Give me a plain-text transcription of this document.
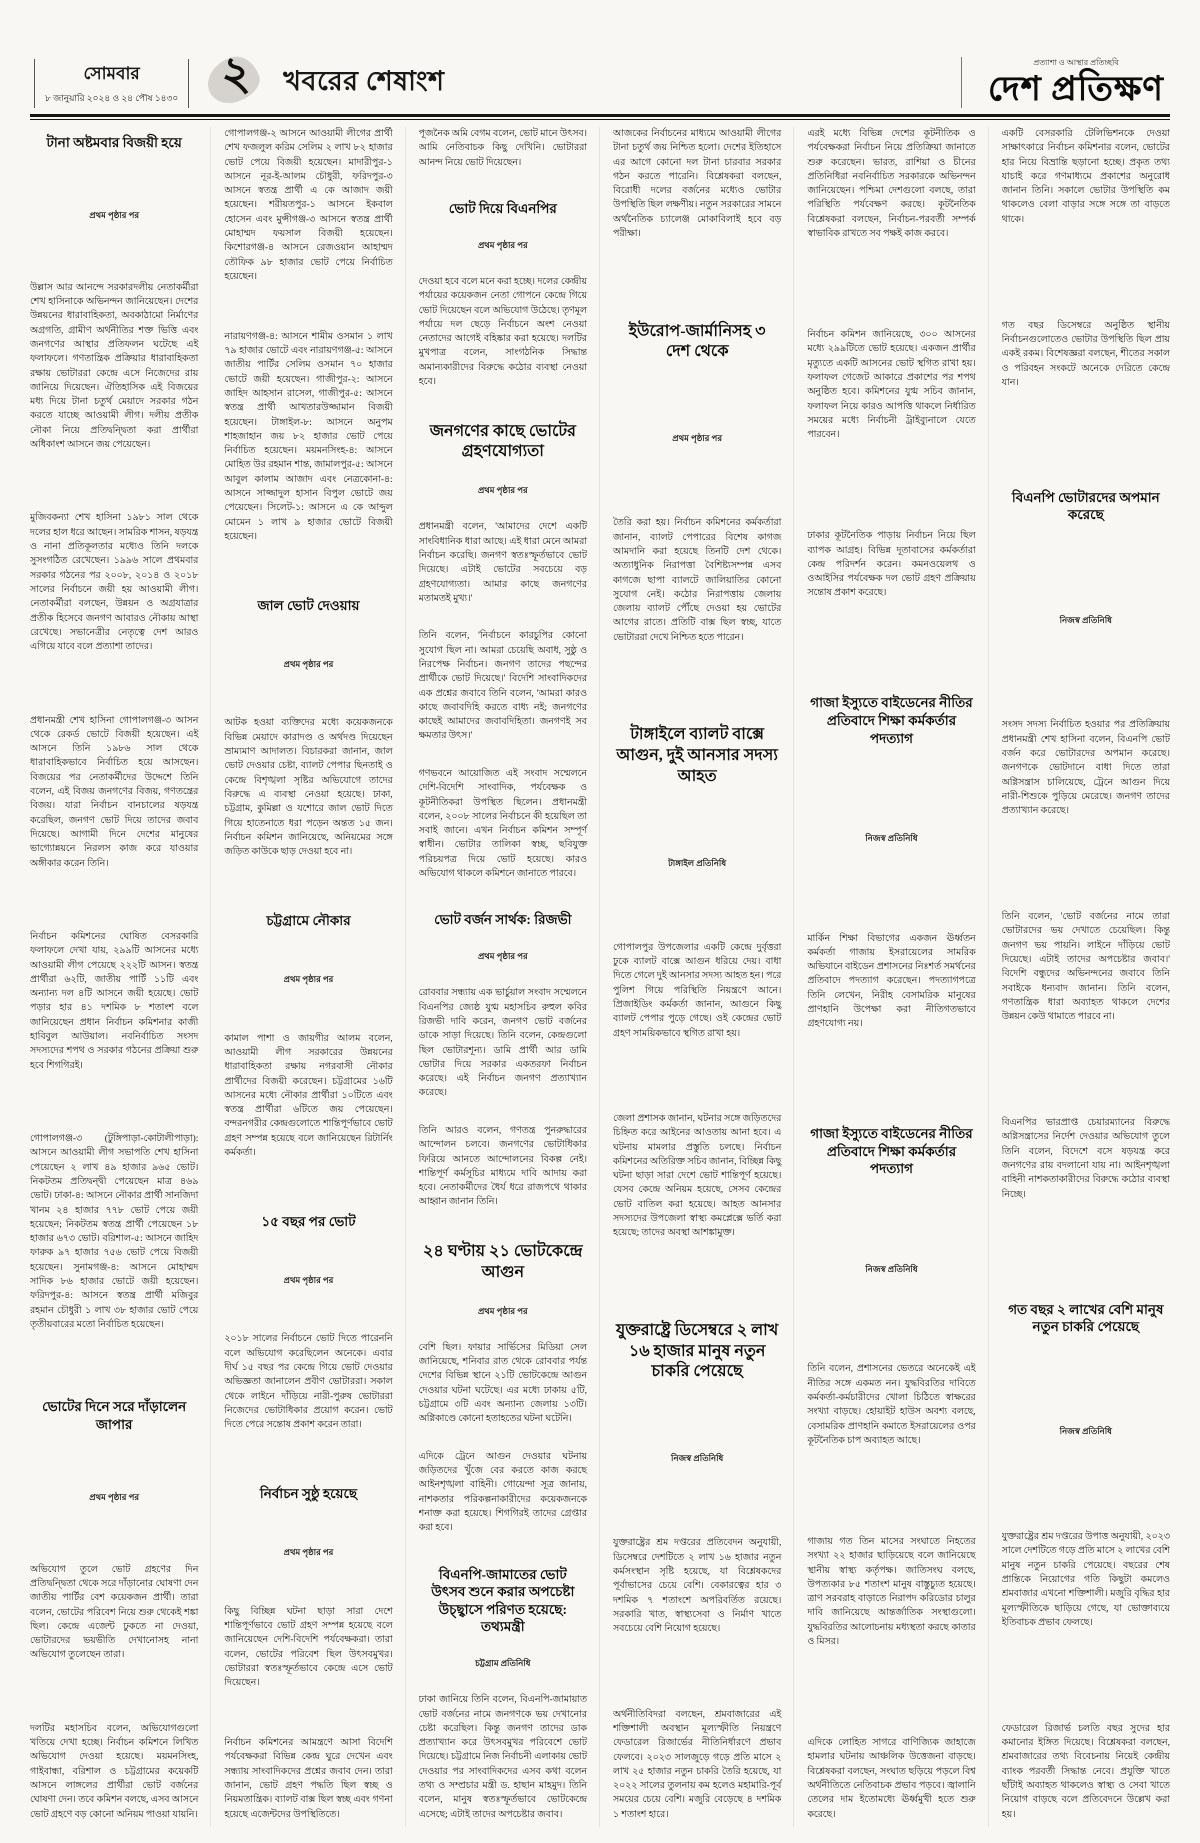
সোমবার
৮ জানুয়ারি ২০২৪ ও ২৪ পৌষ ১৪৩০ ২	খবরের শেষাংশ
প্রত্যাশা ও আস্থার প্রতিচ্ছবি
দেশ প্রতিক্ষণ
টানা অষ্টমবার বিজয়ী হয়ে
প্রথম পৃষ্ঠার পর

উল্লাস আর আনন্দে সরকারদলীয় নেতাকর্মীরা শেখ হাসিনাকে অভিনন্দন জানিয়েছেন। দেশের উন্নয়নের ধারাবাহিকতা, অবকাঠামো নির্মাণের অগ্রগতি, গ্রামীণ অর্থনীতির শক্ত ভিত্তি এবং জনগণের আস্থার প্রতিফলন ঘটেছে এই ফলাফলে। গণতান্ত্রিক প্রক্রিয়ার ধারাবাহিকতা রক্ষায় ভোটাররা কেন্দ্রে এসে নিজেদের রায় জানিয়ে দিয়েছেন। ঐতিহাসিক এই বিজয়ের মধ্য দিয়ে টানা চতুর্থ মেয়াদে সরকার গঠন করতে যাচ্ছে আওয়ামী লীগ। দলীয় প্রতীক নৌকা নিয়ে প্রতিদ্বন্দ্বিতা করা প্রার্থীরা অধিকাংশ আসনে জয় পেয়েছেন।

মুজিবকন্যা শেখ হাসিনা ১৯৮১ সাল থেকে দলের হাল ধরে আছেন। সামরিক শাসন, ষড়যন্ত্র ও নানা প্রতিকূলতার মধ্যেও তিনি দলকে সুসংগঠিত রেখেছেন। ১৯৯৬ সালে প্রথমবার সরকার গঠনের পর ২০০৮, ২০১৪ ও ২০১৮ সালের নির্বাচনে জয়ী হয় আওয়ামী লীগ। নেতাকর্মীরা বলছেন, উন্নয়ন ও অগ্রযাত্রার প্রতীক হিসেবে জনগণ আবারও নৌকায় আস্থা রেখেছে। সভানেত্রীর নেতৃত্বে দেশ আরও এগিয়ে যাবে বলে প্রত্যাশা তাদের।

প্রধানমন্ত্রী শেখ হাসিনা গোপালগঞ্জ-৩ আসন থেকে রেকর্ড ভোটে বিজয়ী হয়েছেন। এই আসনে তিনি ১৯৮৬ সাল থেকে ধারাবাহিকভাবে নির্বাচিত হয়ে আসছেন। বিজয়ের পর নেতাকর্মীদের উদ্দেশে তিনি বলেন, এই বিজয় জনগণের বিজয়, গণতন্ত্রের বিজয়। যারা নির্বাচন বানচালের ষড়যন্ত্র করেছিল, জনগণ ভোট দিয়ে তাদের জবাব দিয়েছে। আগামী দিনে দেশের মানুষের ভাগ্যোন্নয়নে নিরলস কাজ করে যাওয়ার অঙ্গীকার করেন তিনি।

নির্বাচন কমিশনের ঘোষিত বেসরকারি ফলাফলে দেখা যায়, ২৯৯টি আসনের মধ্যে আওয়ামী লীগ পেয়েছে ২২২টি আসন। স্বতন্ত্র প্রার্থীরা ৬২টি, জাতীয় পার্টি ১১টি এবং অন্যান্য দল ৪টি আসনে জয়ী হয়েছে। ভোট পড়ার হার ৪১ দশমিক ৮ শতাংশ বলে জানিয়েছেন প্রধান নির্বাচন কমিশনার কাজী হাবিবুল আউয়াল। নবনির্বাচিত সংসদ সদস্যদের শপথ ও সরকার গঠনের প্রক্রিয়া শুরু হবে শিগগিরই।

গোপালগঞ্জ-৩ (টুঙ্গিপাড়া-কোটালীপাড়া): আসনে আওয়ামী লীগ সভাপতি শেখ হাসিনা পেয়েছেন ২ লাখ ৪৯ হাজার ৯৬৫ ভোট। নিকটতম প্রতিদ্বন্দ্বী পেয়েছেন মাত্র ৪৬৯ ভোট। ঢাকা-৪: আসনে নৌকার প্রার্থী সানজিদা খানম ২৪ হাজার ৭৭৮ ভোট পেয়ে জয়ী হয়েছেন; নিকটতম স্বতন্ত্র প্রার্থী পেয়েছেন ১৮ হাজার ৬৭৩ ভোট। বরিশাল-৫: আসনে জাহিদ ফারুক ৯৭ হাজার ৭৫৬ ভোট পেয়ে বিজয়ী হয়েছেন। সুনামগঞ্জ-৪: আসনে মোহাম্মদ সাদিক ৮৬ হাজার ভোটে জয়ী হয়েছেন। ফরিদপুর-৪: আসনে স্বতন্ত্র প্রার্থী মজিবুর রহমান চৌধুরী ১ লাখ ৩৮ হাজার ভোট পেয়ে তৃতীয়বারের মতো নির্বাচিত হয়েছেন।

ভোটের দিনে সরে দাঁড়ালেন জাপার
প্রথম পৃষ্ঠার পর

অভিযোগ তুলে ভোট গ্রহণের দিন প্রতিদ্বন্দ্বিতা থেকে সরে দাঁড়ানোর ঘোষণা দেন জাতীয় পার্টির বেশ কয়েকজন প্রার্থী। তারা বলেন, ভোটের পরিবেশ নিয়ে শুরু থেকেই শঙ্কা ছিল। কেন্দ্রে এজেন্ট ঢুকতে না দেওয়া, ভোটারদের ভয়ভীতি দেখানোসহ নানা অভিযোগ তুলেছেন তারা।

দলটির মহাসচিব বলেন, অভিযোগগুলো খতিয়ে দেখা হচ্ছে। নির্বাচন কমিশনে লিখিত অভিযোগ দেওয়া হয়েছে। ময়মনসিংহ, গাইবান্ধা, বরিশাল ও চট্টগ্রামের কয়েকটি আসনে লাঙ্গলের প্রার্থীরা ভোট বর্জনের ঘোষণা দেন। তবে কমিশন বলছে, এসব আসনে ভোট গ্রহণে বড় কোনো অনিয়ম পাওয়া যায়নি।

গোপালগঞ্জ-২ আসনে আওয়ামী লীগের প্রার্থী শেখ ফজলুল করিম সেলিম ২ লাখ ৮২ হাজার ভোট পেয়ে বিজয়ী হয়েছেন। মাদারীপুর-১ আসনে নূর-ই-আলম চৌধুরী, ফরিদপুর-৩ আসনে স্বতন্ত্র প্রার্থী এ কে আজাদ জয়ী হয়েছেন। শরীয়তপুর-১ আসনে ইকবাল হোসেন এবং মুন্সীগঞ্জ-৩ আসনে স্বতন্ত্র প্রার্থী মোহাম্মদ ফয়সাল বিজয়ী হয়েছেন। কিশোরগঞ্জ-৪ আসনে রেজওয়ান আহাম্মদ তৌফিক ৯৮ হাজার ভোট পেয়ে নির্বাচিত হয়েছেন।

নারায়ণগঞ্জ-৪: আসনে শামীম ওসমান ১ লাখ ৭৯ হাজার ভোটে এবং নারায়ণগঞ্জ-৫: আসনে জাতীয় পার্টির সেলিম ওসমান ৭০ হাজার ভোটে জয়ী হয়েছেন। গাজীপুর-২: আসনে জাহিদ আহসান রাসেল, গাজীপুর-৫: আসনে স্বতন্ত্র প্রার্থী আখতারউজ্জামান বিজয়ী হয়েছেন। টাঙ্গাইল-৮: আসনে অনুপম শাহজাহান জয় ৮২ হাজার ভোট পেয়ে নির্বাচিত হয়েছেন। ময়মনসিংহ-৪: আসনে মোহিত উর রহমান শান্ত, জামালপুর-৫: আসনে আবুল কালাম আজাদ এবং নেত্রকোনা-৪: আসনে সাজ্জাদুল হাসান বিপুল ভোটে জয় পেয়েছেন। সিলেট-১: আসনে এ কে আব্দুল মোমেন ১ লাখ ৯ হাজার ভোটে বিজয়ী হয়েছেন।

জাল ভোট দেওয়ায়
প্রথম পৃষ্ঠার পর

আটক হওয়া ব্যক্তিদের মধ্যে কয়েকজনকে বিভিন্ন মেয়াদে কারাদণ্ড ও অর্থদণ্ড দিয়েছেন ভ্রাম্যমাণ আদালত। বিচারকরা জানান, জাল ভোট দেওয়ার চেষ্টা, ব্যালট পেপার ছিনতাই ও কেন্দ্রে বিশৃঙ্খলা সৃষ্টির অভিযোগে তাদের বিরুদ্ধে এ ব্যবস্থা নেওয়া হয়েছে। ঢাকা, চট্টগ্রাম, কুমিল্লা ও যশোরে জাল ভোট দিতে গিয়ে হাতেনাতে ধরা পড়েন অন্তত ১৫ জন। নির্বাচন কমিশন জানিয়েছে, অনিয়মের সঙ্গে জড়িত কাউকে ছাড় দেওয়া হবে না।

চট্টগ্রামে নৌকার
প্রথম পৃষ্ঠার পর

কামাল পাশা ও জায়গীর আলম বলেন, আওয়ামী লীগ সরকারের উন্নয়নের ধারাবাহিকতা রক্ষায় নগরবাসী নৌকার প্রার্থীদের বিজয়ী করেছেন। চট্টগ্রামের ১৬টি আসনের মধ্যে নৌকার প্রার্থীরা ১০টিতে এবং স্বতন্ত্র প্রার্থীরা ৬টিতে জয় পেয়েছেন। বন্দরনগরীর কেন্দ্রগুলোতে শান্তিপূর্ণভাবে ভোট গ্রহণ সম্পন্ন হয়েছে বলে জানিয়েছেন রিটার্নিং কর্মকর্তা।

১৫ বছর পর ভোট
প্রথম পৃষ্ঠার পর

২০১৮ সালের নির্বাচনে ভোট দিতে পারেননি বলে অভিযোগ করেছিলেন অনেকে। এবার দীর্ঘ ১৫ বছর পর কেন্দ্রে গিয়ে ভোট দেওয়ার অভিজ্ঞতা জানালেন প্রবীণ ভোটাররা। সকাল থেকে লাইনে দাঁড়িয়ে নারী-পুরুষ ভোটাররা নিজেদের ভোটাধিকার প্রয়োগ করেন। ভোট দিতে পেরে সন্তোষ প্রকাশ করেন তারা।

নির্বাচন সুষ্ঠু হয়েছে
প্রথম পৃষ্ঠার পর

কিছু বিচ্ছিন্ন ঘটনা ছাড়া সারা দেশে শান্তিপূর্ণভাবে ভোট গ্রহণ সম্পন্ন হয়েছে বলে জানিয়েছেন দেশি-বিদেশি পর্যবেক্ষকরা। তারা বলেন, ভোটের পরিবেশ ছিল উৎসবমুখর। ভোটাররা স্বতঃস্ফূর্তভাবে কেন্দ্রে এসে ভোট দিয়েছেন।

নির্বাচন কমিশনের আমন্ত্রণে আসা বিদেশি পর্যবেক্ষকরা বিভিন্ন কেন্দ্র ঘুরে দেখেন এবং সন্ধ্যায় সাংবাদিকদের প্রশ্নের জবাব দেন। তারা জানান, ভোট গ্রহণ পদ্ধতি ছিল স্বচ্ছ ও নিয়মতান্ত্রিক। ব্যালট বাক্স ছিল স্বচ্ছ এবং গণনা হয়েছে এজেন্টদের উপস্থিতিতে।

পূজনৈক অমি বেগম বলেন, ভোট মানে উৎসব। আমি নেতিবাচক কিছু দেখিনি। ভোটাররা আনন্দ নিয়ে ভোট দিয়েছেন।

ভোট দিয়ে বিএনপির
প্রথম পৃষ্ঠার পর

দেওয়া হবে বলে মনে করা হচ্ছে। দলের কেন্দ্রীয় পর্যায়ের কয়েকজন নেতা গোপনে কেন্দ্রে গিয়ে ভোট দিয়েছেন বলে অভিযোগ উঠেছে। তৃণমূল পর্যায়ে দল ছেড়ে নির্বাচনে অংশ নেওয়া নেতাদের আগেই বহিষ্কার করা হয়েছে। দলটির মুখপাত্র বলেন, সাংগঠনিক সিদ্ধান্ত অমান্যকারীদের বিরুদ্ধে কঠোর ব্যবস্থা নেওয়া হবে।

জনগণের কাছে ভোটের গ্রহণযোগ্যতা
প্রথম পৃষ্ঠার পর

প্রধানমন্ত্রী বলেন, 'আমাদের দেশে একটি সাংবিধানিক ধারা আছে। এই ধারা মেনে আমরা নির্বাচন করেছি। জনগণ স্বতঃস্ফূর্তভাবে ভোট দিয়েছে। এটাই ভোটের সবচেয়ে বড় গ্রহণযোগ্যতা। আমার কাছে জনগণের মতামতই মুখ্য।'

তিনি বলেন, 'নির্বাচনে কারচুপির কোনো সুযোগ ছিল না। আমরা চেয়েছি অবাধ, সুষ্ঠু ও নিরপেক্ষ নির্বাচন। জনগণ তাদের পছন্দের প্রার্থীকে ভোট দিয়েছে।' বিদেশি সাংবাদিকদের এক প্রশ্নের জবাবে তিনি বলেন, 'আমরা কারও কাছে জবাবদিহি করতে বাধ্য নই; জনগণের কাছেই আমাদের জবাবদিহিতা। জনগণই সব ক্ষমতার উৎস।'

গণভবনে আয়োজিত এই সংবাদ সম্মেলনে দেশি-বিদেশি সাংবাদিক, পর্যবেক্ষক ও কূটনীতিকরা উপস্থিত ছিলেন। প্রধানমন্ত্রী বলেন, ২০০৮ সালের নির্বাচনে কী হয়েছিল তা সবাই জানে। এখন নির্বাচন কমিশন সম্পূর্ণ স্বাধীন। ভোটার তালিকা স্বচ্ছ, ছবিযুক্ত পরিচয়পত্র দিয়ে ভোট হয়েছে। কারও অভিযোগ থাকলে কমিশনে জানাতে পারবে।

ভোট বর্জন সার্থক: রিজভী
প্রথম পৃষ্ঠার পর

রোববার সন্ধ্যায় এক ভার্চুয়াল সংবাদ সম্মেলনে বিএনপির জ্যেষ্ঠ যুগ্ম মহাসচিব রুহুল কবির রিজভী দাবি করেন, জনগণ ভোট বর্জনের ডাকে সাড়া দিয়েছে। তিনি বলেন, কেন্দ্রগুলো ছিল ভোটারশূন্য। ডামি প্রার্থী আর ডামি ভোটার দিয়ে সরকার একতরফা নির্বাচন করেছে। এই নির্বাচন জনগণ প্রত্যাখ্যান করেছে।

তিনি আরও বলেন, গণতন্ত্র পুনরুদ্ধারের আন্দোলন চলবে। জনগণের ভোটাধিকার ফিরিয়ে আনতে আন্দোলনের বিকল্প নেই। শান্তিপূর্ণ কর্মসূচির মাধ্যমে দাবি আদায় করা হবে। নেতাকর্মীদের ধৈর্য ধরে রাজপথে থাকার আহ্বান জানান তিনি।

২৪ ঘণ্টায় ২১ ভোটকেন্দ্রে আগুন
প্রথম পৃষ্ঠার পর

বেশি ছিল। ফায়ার সার্ভিসের মিডিয়া সেল জানিয়েছে, শনিবার রাত থেকে রোববার পর্যন্ত দেশের বিভিন্ন স্থানে ২১টি ভোটকেন্দ্রে আগুন দেওয়ার ঘটনা ঘটেছে। এর মধ্যে ঢাকায় ৫টি, চট্টগ্রামে ৩টি এবং অন্যান্য জেলায় ১৩টি। অগ্নিকাণ্ডে কোনো হতাহতের ঘটনা ঘটেনি।

এদিকে ট্রেনে আগুন দেওয়ার ঘটনায় জড়িতদের খুঁজে বের করতে কাজ করছে আইনশৃঙ্খলা বাহিনী। গোয়েন্দা সূত্র জানায়, নাশকতার পরিকল্পনাকারীদের কয়েকজনকে শনাক্ত করা হয়েছে। শিগগিরই তাদের গ্রেপ্তার করা হবে।

বিএনপি-জামাতের ভোট উৎসব শুনে করার অপচেষ্টা উচ্ছ্বাসে পরিণত হয়েছে: তথ্যমন্ত্রী
চট্টগ্রাম প্রতিনিধি

ঢাকা জানিয়ে তিনি বলেন, বিএনপি-জামায়াত ভোট বর্জনের নামে জনগণকে ভয় দেখানোর চেষ্টা করেছিল। কিন্তু জনগণ তাদের ডাক প্রত্যাখ্যান করে উৎসবমুখর পরিবেশে ভোট দিয়েছে। চট্টগ্রামে নিজ নির্বাচনী এলাকায় ভোট দেওয়ার পর সাংবাদিকদের এসব কথা বলেন তথ্য ও সম্প্রচার মন্ত্রী ড. হাছান মাহমুদ। তিনি বলেন, মানুষ স্বতঃস্ফূর্তভাবে ভোটকেন্দ্রে এসেছে; এটাই তাদের অপচেষ্টার জবাব।

আজকের নির্বাচনের মাধ্যমে আওয়ামী লীগের টানা চতুর্থ জয় নিশ্চিত হলো। দেশের ইতিহাসে এর আগে কোনো দল টানা চারবার সরকার গঠন করতে পারেনি। বিশ্লেষকরা বলছেন, বিরোধী দলের বর্জনের মধ্যেও ভোটার উপস্থিতি ছিল লক্ষণীয়। নতুন সরকারের সামনে অর্থনৈতিক চ্যালেঞ্জ মোকাবিলাই হবে বড় পরীক্ষা।

ইউরোপ-জার্মানিসহ ৩ দেশ থেকে
প্রথম পৃষ্ঠার পর

তৈরি করা হয়। নির্বাচন কমিশনের কর্মকর্তারা জানান, ব্যালট পেপারের বিশেষ কাগজ আমদানি করা হয়েছে তিনটি দেশ থেকে। অত্যাধুনিক নিরাপত্তা বৈশিষ্ট্যসম্পন্ন এসব কাগজে ছাপা ব্যালটে জালিয়াতির কোনো সুযোগ নেই। কঠোর নিরাপত্তায় জেলায় জেলায় ব্যালট পৌঁছে দেওয়া হয় ভোটের আগের রাতে। প্রতিটি বাক্স ছিল স্বচ্ছ, যাতে ভোটাররা দেখে নিশ্চিত হতে পারেন।

টাঙ্গাইলে ব্যালট বাক্সে আগুন, দুই আনসার সদস্য আহত
টাঙ্গাইল প্রতিনিধি

গোপালপুর উপজেলার একটি কেন্দ্রে দুর্বৃত্তরা ঢুকে ব্যালট বাক্সে আগুন ধরিয়ে দেয়। বাধা দিতে গেলে দুই আনসার সদস্য আহত হন। পরে পুলিশ গিয়ে পরিস্থিতি নিয়ন্ত্রণে আনে। প্রিজাইডিং কর্মকর্তা জানান, আগুনে কিছু ব্যালট পেপার পুড়ে গেছে। ওই কেন্দ্রের ভোট গ্রহণ সাময়িকভাবে স্থগিত রাখা হয়।

জেলা প্রশাসক জানান, ঘটনার সঙ্গে জড়িতদের চিহ্নিত করে আইনের আওতায় আনা হবে। এ ঘটনায় মামলার প্রস্তুতি চলছে। নির্বাচন কমিশনের অতিরিক্ত সচিব জানান, বিচ্ছিন্ন কিছু ঘটনা ছাড়া সারা দেশে ভোট শান্তিপূর্ণ হয়েছে। যেসব কেন্দ্রে অনিয়ম হয়েছে, সেসব কেন্দ্রের ভোট বাতিল করা হয়েছে। আহত আনসার সদস্যদের উপজেলা স্বাস্থ্য কমপ্লেক্সে ভর্তি করা হয়েছে; তাদের অবস্থা আশঙ্কামুক্ত।

যুক্তরাষ্ট্রে ডিসেম্বরে ২ লাখ ১৬ হাজার মানুষ নতুন চাকরি পেয়েছে
নিজস্ব প্রতিনিধি

যুক্তরাষ্ট্রের শ্রম দপ্তরের প্রতিবেদন অনুযায়ী, ডিসেম্বরে দেশটিতে ২ লাখ ১৬ হাজার নতুন কর্মসংস্থান সৃষ্টি হয়েছে, যা বিশ্লেষকদের পূর্বাভাসের চেয়ে বেশি। বেকারত্বের হার ৩ দশমিক ৭ শতাংশে অপরিবর্তিত রয়েছে। সরকারি খাত, স্বাস্থ্যসেবা ও নির্মাণ খাতে সবচেয়ে বেশি নিয়োগ হয়েছে।

অর্থনীতিবিদরা বলছেন, শ্রমবাজারের এই শক্তিশালী অবস্থান মূল্যস্ফীতি নিয়ন্ত্রণে ফেডারেল রিজার্ভের নীতিনির্ধারণে প্রভাব ফেলবে। ২০২৩ সালজুড়ে গড়ে প্রতি মাসে ২ লাখ ২৫ হাজার নতুন চাকরি তৈরি হয়েছে, যা ২০২২ সালের তুলনায় কম হলেও মহামারি-পূর্ব সময়ের চেয়ে বেশি। মজুরি বেড়েছে ৪ দশমিক ১ শতাংশ হারে।

এরই মধ্যে বিভিন্ন দেশের কূটনীতিক ও পর্যবেক্ষকরা নির্বাচন নিয়ে প্রতিক্রিয়া জানাতে শুরু করেছেন। ভারত, রাশিয়া ও চীনের প্রতিনিধিরা নবনির্বাচিত সরকারকে অভিনন্দন জানিয়েছেন। পশ্চিমা দেশগুলো বলছে, তারা পরিস্থিতি পর্যবেক্ষণ করছে। কূটনৈতিক বিশ্লেষকরা বলছেন, নির্বাচন-পরবর্তী সম্পর্ক স্বাভাবিক রাখতে সব পক্ষই কাজ করবে।

নির্বাচন কমিশন জানিয়েছে, ৩০০ আসনের মধ্যে ২৯৯টিতে ভোট হয়েছে। একজন প্রার্থীর মৃত্যুতে একটি আসনের ভোট স্থগিত রাখা হয়। ফলাফল গেজেট আকারে প্রকাশের পর শপথ অনুষ্ঠিত হবে। কমিশনের যুগ্ম সচিব জানান, ফলাফল নিয়ে কারও আপত্তি থাকলে নির্ধারিত সময়ের মধ্যে নির্বাচনী ট্রাইব্যুনালে যেতে পারবেন।

ঢাকার কূটনৈতিক পাড়ায় নির্বাচন নিয়ে ছিল ব্যাপক আগ্রহ। বিভিন্ন দূতাবাসের কর্মকর্তারা কেন্দ্র পরিদর্শন করেন। কমনওয়েলথ ও ওআইসির পর্যবেক্ষক দল ভোট গ্রহণ প্রক্রিয়ায় সন্তোষ প্রকাশ করেছে।

গাজা ইস্যুতে বাইডেনের নীতির প্রতিবাদে শিক্ষা কর্মকর্তার পদত্যাগ
নিজস্ব প্রতিনিধি

মার্কিন শিক্ষা বিভাগের একজন ঊর্ধ্বতন কর্মকর্তা গাজায় ইসরায়েলের সামরিক অভিযানে বাইডেন প্রশাসনের নিঃশর্ত সমর্থনের প্রতিবাদে পদত্যাগ করেছেন। পদত্যাগপত্রে তিনি লেখেন, নিরীহ বেসামরিক মানুষের প্রাণহানি উপেক্ষা করা নীতিগতভাবে গ্রহণযোগ্য নয়।

গাজা ইস্যুতে বাইডেনের নীতির প্রতিবাদে শিক্ষা কর্মকর্তার পদত্যাগ
নিজস্ব প্রতিনিধি

তিনি বলেন, প্রশাসনের ভেতরে অনেকেই এই নীতির সঙ্গে একমত নন। যুদ্ধবিরতির দাবিতে কর্মকর্তা-কর্মচারীদের খোলা চিঠিতে স্বাক্ষরের সংখ্যা বাড়ছে। হোয়াইট হাউস অবশ্য বলছে, বেসামরিক প্রাণহানি কমাতে ইসরায়েলের ওপর কূটনৈতিক চাপ অব্যাহত আছে।

গাজায় গত তিন মাসের সংঘাতে নিহতের সংখ্যা ২২ হাজার ছাড়িয়েছে বলে জানিয়েছে স্থানীয় স্বাস্থ্য কর্তৃপক্ষ। জাতিসংঘ বলছে, উপত্যকার ৮৫ শতাংশ মানুষ বাস্তুচ্যুত হয়েছে। ত্রাণ সরবরাহ বাড়াতে নিরাপদ করিডোর চালুর দাবি জানিয়েছে আন্তর্জাতিক সংস্থাগুলো। যুদ্ধবিরতির আলোচনায় মধ্যস্থতা করছে কাতার ও মিসর।

এদিকে লোহিত সাগরে বাণিজ্যিক জাহাজে হামলার ঘটনায় আঞ্চলিক উত্তেজনা বাড়ছে। বিশ্লেষকরা বলছেন, সংঘাত ছড়িয়ে পড়লে বিশ্ব অর্থনীতিতে নেতিবাচক প্রভাব পড়বে। জ্বালানি তেলের দাম ইতোমধ্যে ঊর্ধ্বমুখী হতে শুরু করেছে।

একটি বেসরকারি টেলিভিশনকে দেওয়া সাক্ষাৎকারে নির্বাচন কমিশনার বলেন, ভোটের হার নিয়ে বিভ্রান্তি ছড়ানো হচ্ছে। প্রকৃত তথ্য যাচাই করে গণমাধ্যমে প্রকাশের অনুরোধ জানান তিনি। সকালে ভোটার উপস্থিতি কম থাকলেও বেলা বাড়ার সঙ্গে সঙ্গে তা বাড়তে থাকে।

গত বছর ডিসেম্বরে অনুষ্ঠিত স্থানীয় নির্বাচনগুলোতেও ভোটার উপস্থিতি ছিল প্রায় একই রকম। বিশেষজ্ঞরা বলছেন, শীতের সকাল ও পরিবহন সংকটে অনেকে দেরিতে কেন্দ্রে যান।

বিএনপি ভোটারদের অপমান করেছে
নিজস্ব প্রতিনিধি

সংসদ সদস্য নির্বাচিত হওয়ার পর প্রতিক্রিয়ায় প্রধানমন্ত্রী শেখ হাসিনা বলেন, বিএনপি ভোট বর্জন করে ভোটারদের অপমান করেছে। জনগণকে ভোটদানে বাধা দিতে তারা অগ্নিসন্ত্রাস চালিয়েছে, ট্রেনে আগুন দিয়ে নারী-শিশুকে পুড়িয়ে মেরেছে। জনগণ তাদের প্রত্যাখ্যান করেছে।

তিনি বলেন, 'ভোট বর্জনের নামে তারা ভোটারদের ভয় দেখাতে চেয়েছিল। কিন্তু জনগণ ভয় পায়নি। লাইনে দাঁড়িয়ে ভোট দিয়েছে। এটাই তাদের অপচেষ্টার জবাব।' বিদেশি বন্ধুদের অভিনন্দনের জবাবে তিনি সবাইকে ধন্যবাদ জানান। তিনি বলেন, গণতান্ত্রিক ধারা অব্যাহত থাকলে দেশের উন্নয়ন কেউ থামাতে পারবে না।

বিএনপির ভারপ্রাপ্ত চেয়ারম্যানের বিরুদ্ধে অগ্নিসন্ত্রাসের নির্দেশ দেওয়ার অভিযোগ তুলে তিনি বলেন, বিদেশে বসে ষড়যন্ত্র করে জনগণের রায় বদলানো যায় না। আইনশৃঙ্খলা বাহিনী নাশকতাকারীদের বিরুদ্ধে কঠোর ব্যবস্থা নিচ্ছে।

গত বছর ২ লাখের বেশি মানুষ নতুন চাকরি পেয়েছে
নিজস্ব প্রতিনিধি

যুক্তরাষ্ট্রের শ্রম দপ্তরের উপাত্ত অনুযায়ী, ২০২৩ সালে দেশটিতে গড়ে প্রতি মাসে ২ লাখের বেশি মানুষ নতুন চাকরি পেয়েছে। বছরের শেষ প্রান্তিকে নিয়োগের গতি কিছুটা কমলেও শ্রমবাজার এখনো শক্তিশালী। মজুরি বৃদ্ধির হার মূল্যস্ফীতিকে ছাড়িয়ে গেছে, যা ভোক্তাব্যয়ে ইতিবাচক প্রভাব ফেলছে।

ফেডারেল রিজার্ভ চলতি বছর সুদের হার কমানোর ইঙ্গিত দিয়েছে। বিশ্লেষকরা বলছেন, শ্রমবাজারের তথ্য বিবেচনায় নিয়েই কেন্দ্রীয় ব্যাংক পরবর্তী সিদ্ধান্ত নেবে। প্রযুক্তি খাতে ছাঁটাই অব্যাহত থাকলেও স্বাস্থ্য ও সেবা খাতে নিয়োগ বাড়ছে বলে প্রতিবেদনে উল্লেখ করা হয়।
